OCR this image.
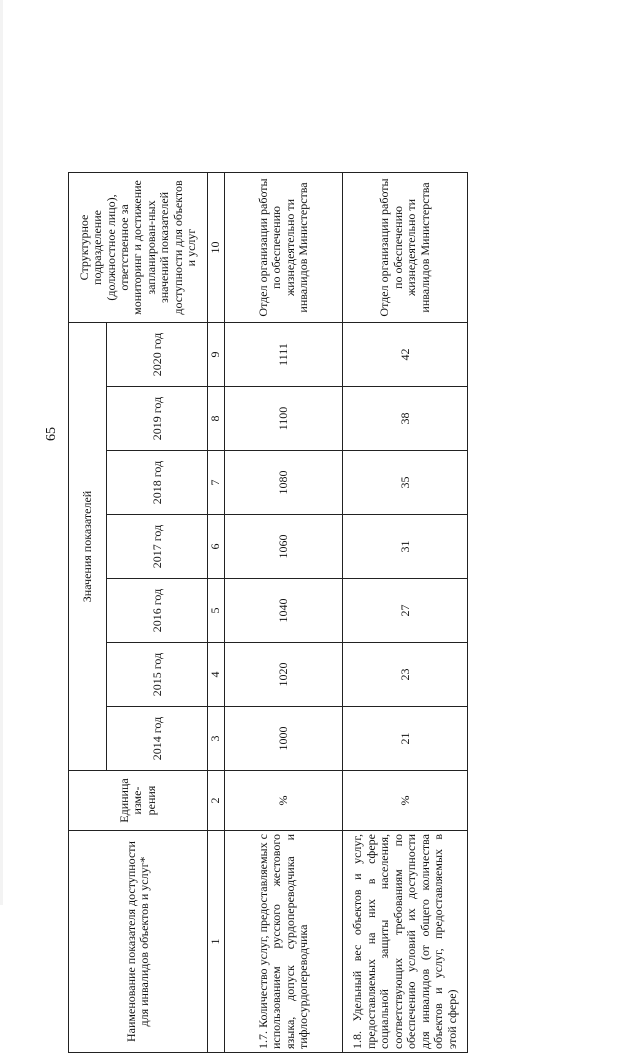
65
Наименование показателя доступности для инвалидов объектов и услуг*	Единица изме-рения	Значения показателей							Структурное подразделение (должностное лицо), ответственное за мониторинг и достижение запланирован-ных значений показателей доступности для объектов и услуг
		2014 год	2015 год	2016 год	2017 год	2018 год	2019 год	2020 год	
1	2	3	4	5	6	7	8	9	10
1.7. Количество услуг, предоставляемых с использованием русского жестового языка, допуск сурдопереводчика и тифлосурдопереводчика	%	1000	1020	1040	1060	1080	1100	1111	Отдел организации работы по обеспечению жизнедеятельно ти инвалидов Министерства
1.8. Удельный вес объектов и услуг, предоставляемых на них в сфере социальной защиты населения, соответствующих требованиям по обеспечению условий их доступности для инвалидов (от общего количества объектов и услуг, предоставляемых в этой сфере)	%	21	23	27	31	35	38	42	Отдел организации работы по обеспечению жизнедеятельно ти инвалидов Министерства
